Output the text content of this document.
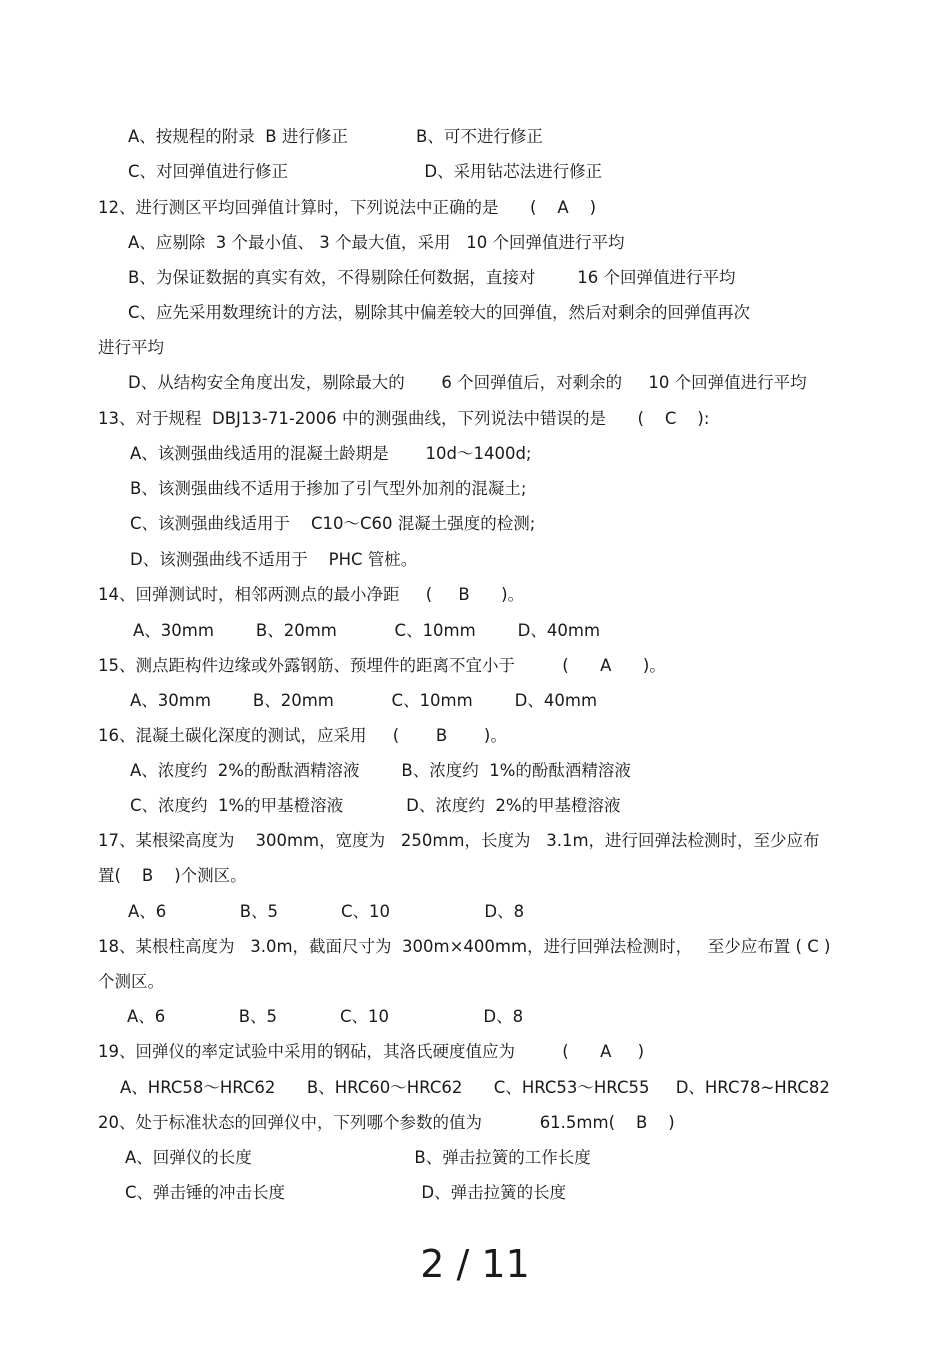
A、按规程的附录  B 进行修正             B、可不进行修正
C、对回弹值进行修正                          D、采用钻芯法进行修正
12、进行测区平均回弹值计算时，下列说法中正确的是      (    A    )
A、应剔除  3 个最小值、 3 个最大值，采用   10 个回弹值进行平均
B、为保证数据的真实有效，不得剔除任何数据，直接对        16 个回弹值进行平均
C、应先采用数理统计的方法，剔除其中偏差较大的回弹值，然后对剩余的回弹值再次
进行平均
D、从结构安全角度出发，剔除最大的       6 个回弹值后，对剩余的     10 个回弹值进行平均
13、对于规程  DBJ13-71-2006 中的测强曲线，下列说法中错误的是      (    C    ):
A、该测强曲线适用的混凝土龄期是       10d～1400d;
B、该测强曲线不适用于掺加了引气型外加剂的混凝土;
C、该测强曲线适用于    C10～C60 混凝土强度的检测;
D、该测强曲线不适用于    PHC 管桩。
14、回弹测试时，相邻两测点的最小净距     (     B      )。
A、30mm        B、20mm           C、10mm        D、40mm
15、测点距构件边缘或外露钢筋、预埋件的距离不宜小于         (      A      )。
A、30mm        B、20mm           C、10mm        D、40mm
16、混凝土碳化深度的测试，应采用     (       B       )。
A、浓度约  2%的酚酞酒精溶液        B、浓度约  1%的酚酞酒精溶液
C、浓度约  1%的甲基橙溶液            D、浓度约  2%的甲基橙溶液
17、某根梁高度为    300mm，宽度为   250mm，长度为   3.1m，进行回弹法检测时，至少应布
置(    B    )个测区。
A、6              B、5            C、10                  D、8
18、某根柱高度为   3.0m，截面尺寸为  300m×400mm，进行回弹法检测时，   至少应布置 ( C )
个测区。
A、6              B、5            C、10                  D、8
19、回弹仪的率定试验中采用的钢砧，其洛氏硬度值应为         (      A     )
A、HRC58～HRC62      B、HRC60～HRC62      C、HRC53～HRC55     D、HRC78~HRC82
20、处于标准状态的回弹仪中，下列哪个参数的值为           61.5mm(    B    )
A、回弹仪的长度                               B、弹击拉簧的工作长度
C、弹击锤的冲击长度                          D、弹击拉簧的长度
2 / 11
